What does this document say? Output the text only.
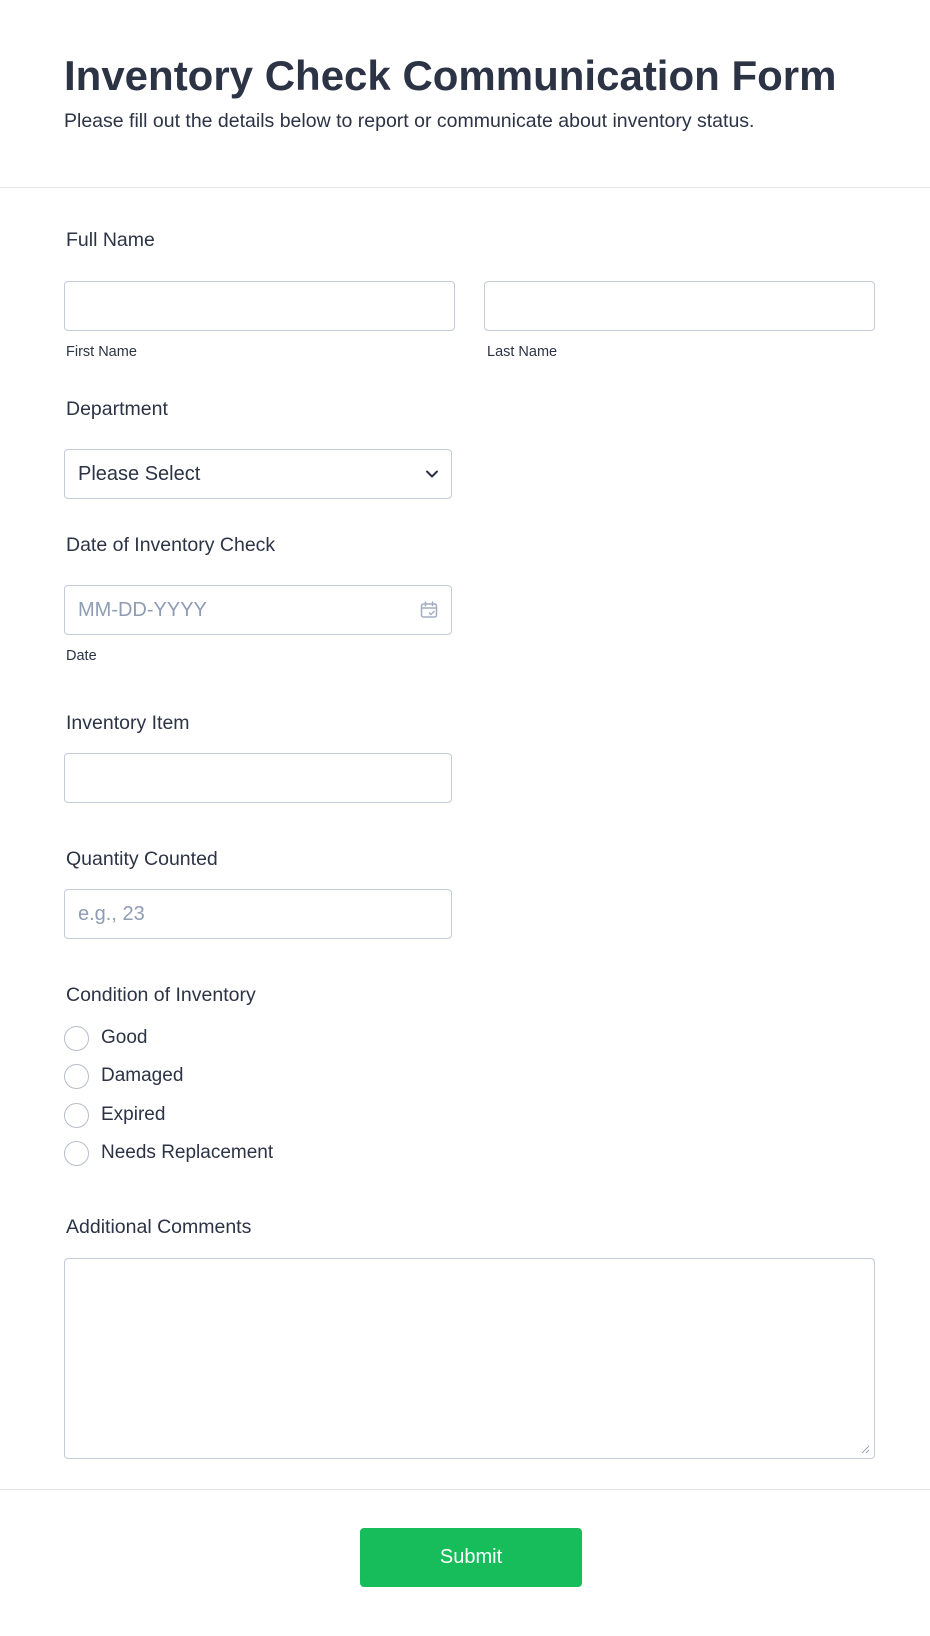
Inventory Check Communication Form

Please fill out the details below to report or communicate about inventory status.

Full Name
First Name	Last Name
Department
Please Select
Date of Inventory Check
MM-DD-YYYY
Date
Inventory Item
Quantity Counted
e.g., 23
Condition of Inventory
Good
Damaged
Expired
Needs Replacement
Additional Comments
Submit
